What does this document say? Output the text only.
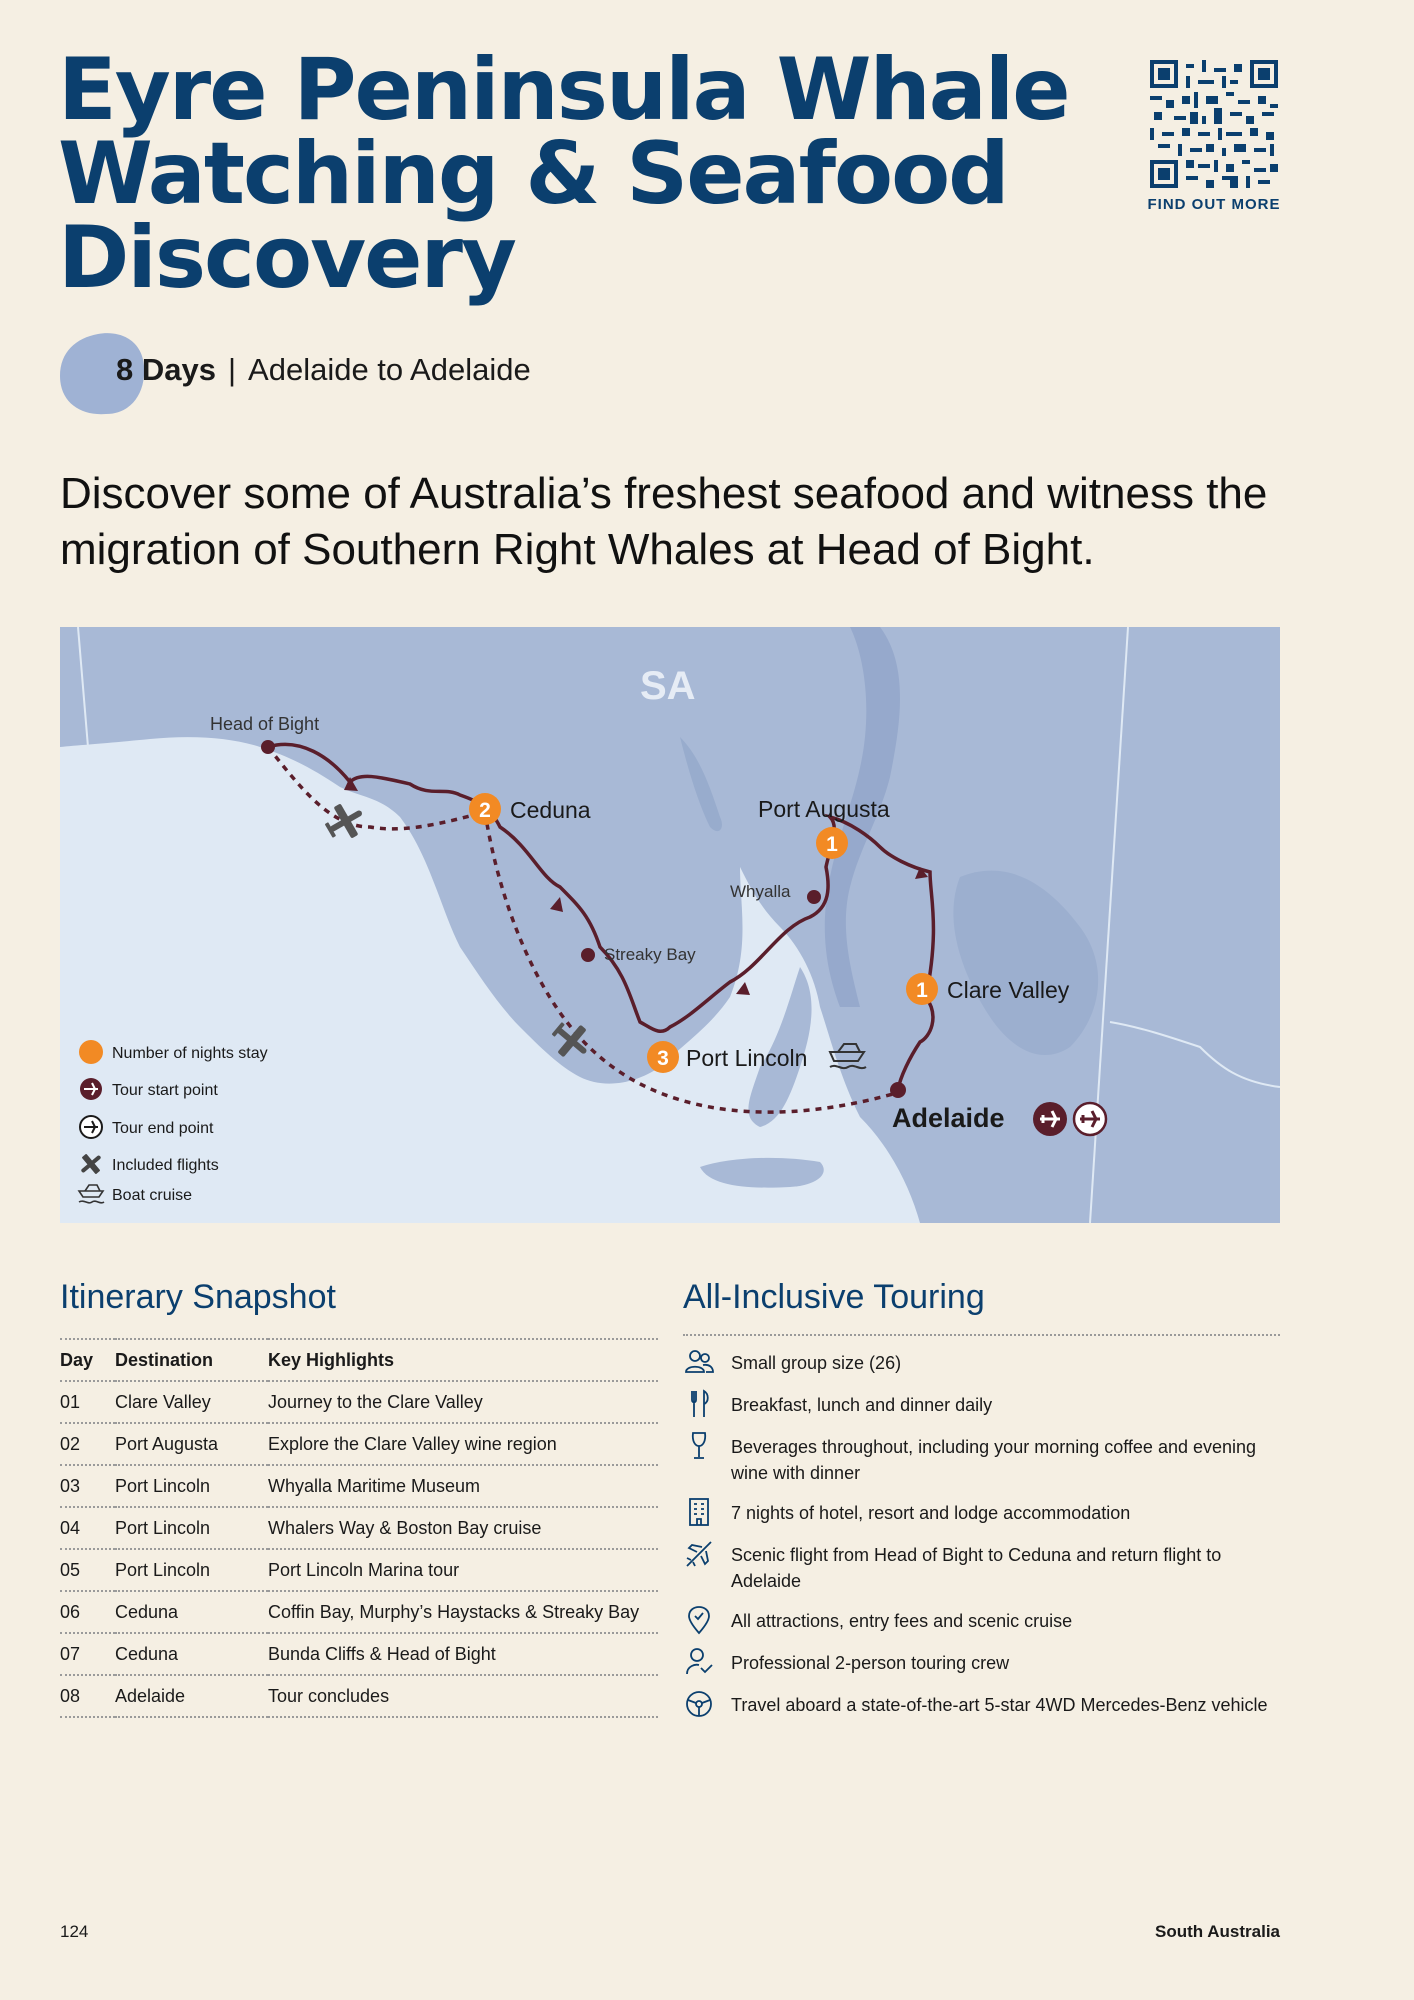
Eyre Peninsula Whale
Watching & Seafood
Discovery
FIND OUT MORE
8 Days | Adelaide to Adelaide
Discover some of Australia’s freshest seafood and witness the migration of Southern Right Whales at Head of Bight.
SA
2
1
1
3
Head of Bight
Ceduna	Port Augusta
Whyalla
Streaky Bay
Clare Valley
Port Lincoln
Adelaide
Number of nights stay
Tour start point
Tour end point
Included flights
Boat cruise
Itinerary Snapshot
Day	Destination	Key Highlights
01	Clare Valley	Journey to the Clare Valley
02	Port Augusta	Explore the Clare Valley wine region
03	Port Lincoln	Whyalla Maritime Museum
04	Port Lincoln	Whalers Way & Boston Bay cruise
05	Port Lincoln	Port Lincoln Marina tour
06	Ceduna	Coffin Bay, Murphy’s Haystacks & Streaky Bay
07	Ceduna	Bunda Cliffs & Head of Bight
08	Adelaide	Tour concludes
All-Inclusive Touring
Small group size (26)
Breakfast, lunch and dinner daily
Beverages throughout, including your morning coffee and evening wine with dinner
7 nights of hotel, resort and lodge accommodation
Scenic flight from Head of Bight to Ceduna and return flight to Adelaide
All attractions, entry fees and scenic cruise
Professional 2-person touring crew
Travel aboard a state-of-the-art 5-star 4WD Mercedes-Benz vehicle
124	South Australia
